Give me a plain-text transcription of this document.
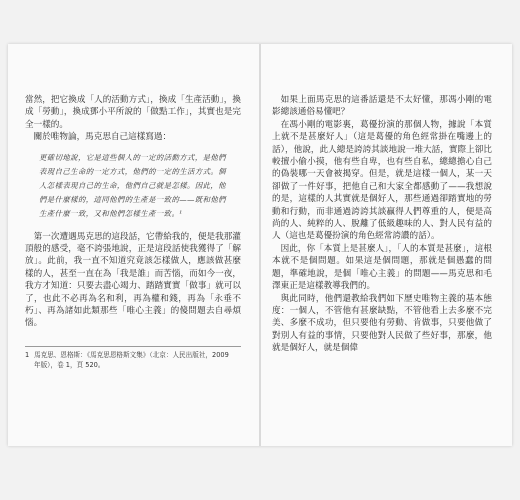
當然，把它換成「人的活動方式」，換成「生產活動」，換成「勞動」，換成鄧小平所說的「做點工作」，其實也是完全一樣的。

關於唯物論，馬克思自己這樣寫過：

更確切地說，它是這些個人的一定的活動方式，是他們表現自己生命的一定方式，他們的一定的生活方式。個人怎樣表現自己的生命，他們自己就是怎樣。因此，他們是什麼樣的，這同他們的生產是一致的——既和他們生產什麼一致，又和他們怎樣生產一致。¹

第一次遭遇馬克思的這段話，它帶給我的，便是我那灌頂般的感受，毫不誇張地說，正是這段話使我獲得了「解放」。此前，我一直不知道究竟該怎樣做人，應該做甚麼樣的人，甚至一直在為「我是誰」而苦惱，而如今一夜，我方才知道：只要去盡心竭力、踏踏實實「做事」就可以了，也此不必再為名和利，再為權和錢，再為「永垂不朽」、再為諸如此類那些「唯心主義」的傻問題去自尋煩惱。

1 馬克思、恩格斯：《馬克思恩格斯文集》（北京：人民出版社，2009 年版），卷 1，頁 520。

如果上面馬克思的這番話還是不太好懂，那馮小剛的電影總該通俗易懂吧？

在馮小剛的電影裏，葛優扮演的那個人物，據說「本質上就不是甚麼好人」（這是葛優的角色經常掛在嘴邊上的話），他說，此人總是誇誇其談地說一堆大話，實際上卻比較擅小偷小摸，他有些自卑，也有些自私，總總擔心自己的偽裝哪一天會被揭穿。但是，就是這樣一個人，某一天卻做了一件好事，把他自己和大家全都感動了——我想說的是，這樣的人其實就是個好人，那些通過卻踏實地的勞動和行動，而非通過誇誇其談贏得人們尊重的人，便是高尚的人、純粹的人、脫離了低級趣味的人、對人民有益的人（這也是葛優扮演的角色經常誇讚的話）。

因此，你「本質上是甚麼人」，「人的本質是甚麼」，這根本就不是個問題。如果這是個問題，那就是個愚蠢的問題，準確地說，是個「唯心主義」的問題——馬克思和毛澤東正是這樣教導我們的。

與此同時，他們還教給我們如下歷史唯物主義的基本態度：一個人，不管他有甚麼缺點，不管他看上去多麼不完美、多麼不成功，但只要他有勞動、肯做事，只要他做了對別人有益的事情，只要他對人民做了些好事，那麼，他就是個好人，就是個偉
